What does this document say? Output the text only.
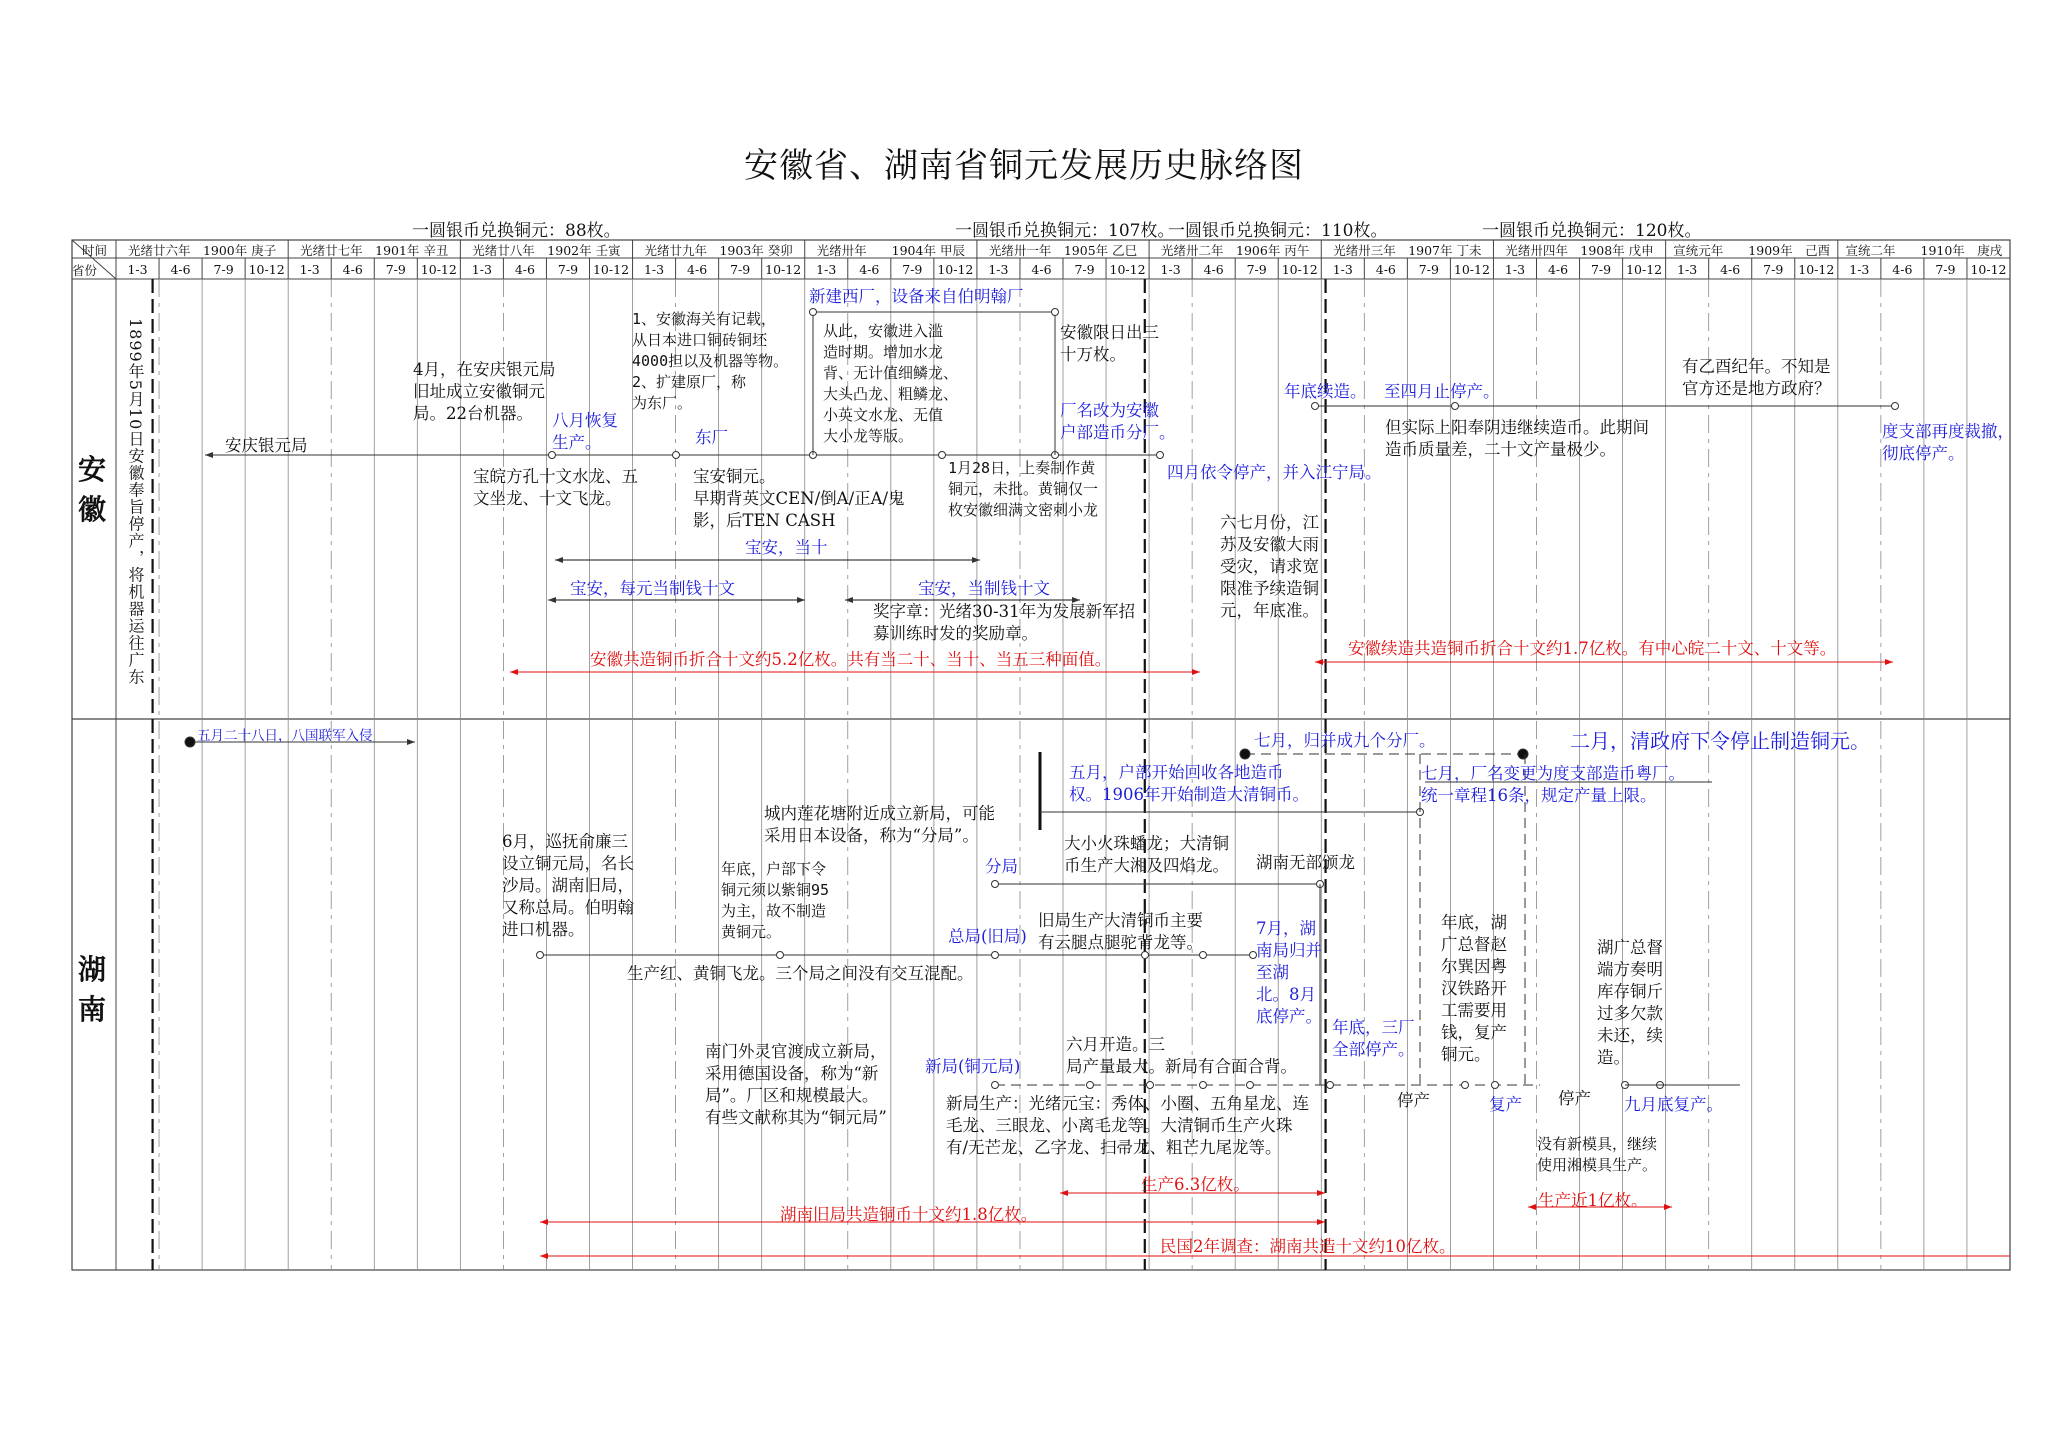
安徽省、湖南省铜元发展历史脉络图
一圆银币兑换铜元：88枚。	一圆银币兑换铜元：107枚。
一圆银币兑换铜元：110枚。	一圆银币兑换铜元：120枚。
时间
省份
光绪廿六年　1900年 庚子	光绪廿七年　1901年 辛丑	光绪廿八年　1902年 壬寅	光绪廿九年　1903年 癸卯	光绪卅年　　1904年 甲辰	光绪卅一年　1905年 乙巳	光绪卅二年　1906年 丙午	光绪卅三年　1907年 丁未	光绪卅四年　1908年 戊申	宣统元年　　1909年　己酉	宣统二年　　1910年　庚戌
1-3	4-6	7-9	10-12	1-3	4-6	7-9	10-12	1-3	4-6	7-9	10-12	1-3	4-6	7-9	10-12	1-3	4-6	7-9	10-12	1-3	4-6	7-9	10-12	1-3	4-6	7-9	10-12	1-3	4-6	7-9	10-12	1-3	4-6	7-9	10-12	1-3	4-6	7-9	10-12	1-3	4-6	7-9	10-12
安徽
湖南
1899年5月10日安徽奉旨停产，将机器运往广东	安庆银元局
4月，在安庆银元局
旧址成立安徽铜元
局。22台机器。	八月恢复
生产。
宝皖方孔十文水龙、五
文坐龙、十文飞龙。
1、安徽海关有记载，
从日本进口铜砖铜坯
4000担以及机器等物。
2、扩建原厂，称
为东厂。
东厂
宝安铜元。
早期背英文CEN/倒A/正A/鬼
影，后TEN CASH
宝安，当十
宝安，每元当制钱十文	宝安，当制钱十文
新建西厂，设备来自伯明翰厂
从此，安徽进入滥
造时期。增加水龙
背、无计值细鳞龙、
大头凸龙、粗鳞龙、
小英文水龙、无值
大小龙等版。
1月28日，上奏制作黄
铜元，未批。黄铜仅一
枚安徽细满文密刺小龙
奖字章：光绪30-31年为发展新军招
募训练时发的奖励章。
安徽限日出三
十万枚。
厂名改为安徽
户部造币分厂。
四月依令停产，并入江宁局。
六七月份，江
苏及安徽大雨
受灾，请求宽
限准予续造铜
元，年底准。
年底续造。 至四月止停产。
但实际上阳奉阴违继续造币。此期间
造币质量差，二十文产量极少。
有乙酉纪年。不知是
官方还是地方政府？
度支部再度裁撤，
彻底停产。
安徽共造铜币折合十文约5.2亿枚。共有当二十、当十、当五三种面值。
安徽续造共造铜币折合十文约1.7亿枚。有中心皖二十文、十文等。
五月二十八日，八国联军入侵
6月，巡抚俞廉三
设立铜元局，名长
沙局。湖南旧局，
又称总局。伯明翰
进口机器。
城内莲花塘附近成立新局，可能
采用日本设备，称为“分局”。
年底，户部下令
铜元须以紫铜95
为主，故不制造
黄铜元。
分局
总局(旧局)
生产红、黄铜飞龙。三个局之间没有交互混配。
五月，户部开始回收各地造币
权。1906年开始制造大清铜币。
七月，归并成九个分厂。
大小火珠蟠龙；大清铜
币生产大湘及四焰龙。 湖南无部颁龙
旧局生产大清铜币主要
有云腿点腿驼背龙等。
7月，湖
南局归并
至湖
北。8月
底停产。
年底，三厂
全部停产。
南门外灵官渡成立新局，
采用德国设备，称为“新
局”。厂区和规模最大。
有些文献称其为“铜元局”
六月开造。三
局产量最大。新局有合面合背。
新局(铜元局)
新局生产：光绪元宝：秀体、小圈、五角星龙、连
毛龙、三眼龙、小离毛龙等。大清铜币生产火珠
有/无芒龙、乙字龙、扫帚龙、粗芒九尾龙等。
生产6.3亿枚。
七月，厂名变更为度支部造币粤厂。
统一章程16条，规定产量上限。
二月，清政府下令停止制造铜元。
年底，湖
广总督赵
尔巽因粤
汉铁路开
工需要用
钱，复产
铜元。
停产	复产 停产
湖广总督
端方奏明
库存铜斤
过多欠款
未还，续
造。
九月底复产。
没有新模具，继续
使用湘模具生产。
生产近1亿枚。
湖南旧局共造铜币十文约1.8亿枚。
民国2年调查：湖南共造十文约10亿枚。
